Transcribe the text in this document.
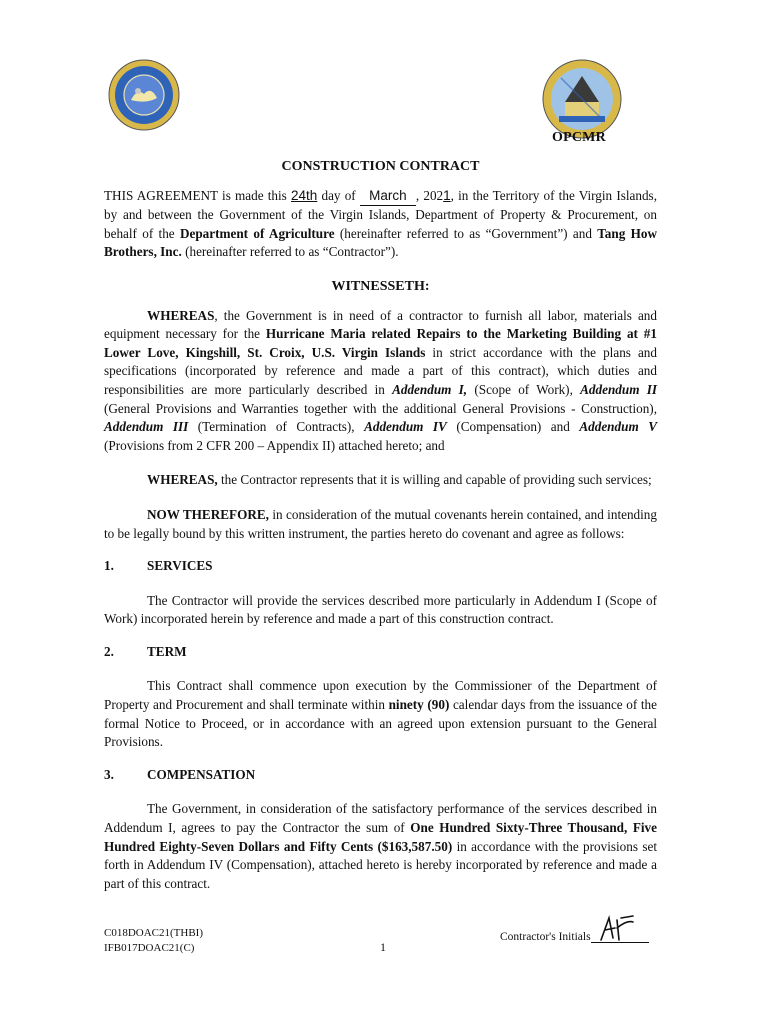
OPCMR
CONSTRUCTION CONTRACT

THIS AGREEMENT is made this 24th day of March , 2021, in the Territory of the Virgin Islands, by and between the Government of the Virgin Islands, Department of Property & Procurement, on behalf of the Department of Agriculture (hereinafter referred to as “Government”) and Tang How Brothers, Inc. (hereinafter referred to as “Contractor”).

WITNESSETH:

WHEREAS, the Government is in need of a contractor to furnish all labor, materials and equipment necessary for the Hurricane Maria related Repairs to the Marketing Building at #1 Lower Love, Kingshill, St. Croix, U.S. Virgin Islands in strict accordance with the plans and specifications (incorporated by reference and made a part of this contract), which duties and responsibilities are more particularly described in Addendum I, (Scope of Work), Addendum II (General Provisions and Warranties together with the additional General Provisions - Construction), Addendum III (Termination of Contracts), Addendum IV (Compensation) and Addendum V (Provisions from 2 CFR 200 – Appendix II) attached hereto; and

WHEREAS, the Contractor represents that it is willing and capable of providing such services;

NOW THEREFORE, in consideration of the mutual covenants herein contained, and intending to be legally bound by this written instrument, the parties hereto do covenant and agree as follows:

1.	SERVICES

The Contractor will provide the services described more particularly in Addendum I (Scope of Work) incorporated herein by reference and made a part of this construction contract.

2.	TERM

This Contract shall commence upon execution by the Commissioner of the Department of Property and Procurement and shall terminate within ninety (90) calendar days from the issuance of the formal Notice to Proceed, or in accordance with an agreed upon extension pursuant to the General Provisions.

3.	COMPENSATION

The Government, in consideration of the satisfactory performance of the services described in Addendum I, agrees to pay the Contractor the sum of One Hundred Sixty-Three Thousand, Five Hundred Eighty-Seven Dollars and Fifty Cents ($163,587.50) in accordance with the provisions set forth in Addendum IV (Compensation), attached hereto is hereby incorporated by reference and made a part of this contract.

C018DOAC21(THBI)
IFB017DOAC21(C)	1
Contractor's Initials
